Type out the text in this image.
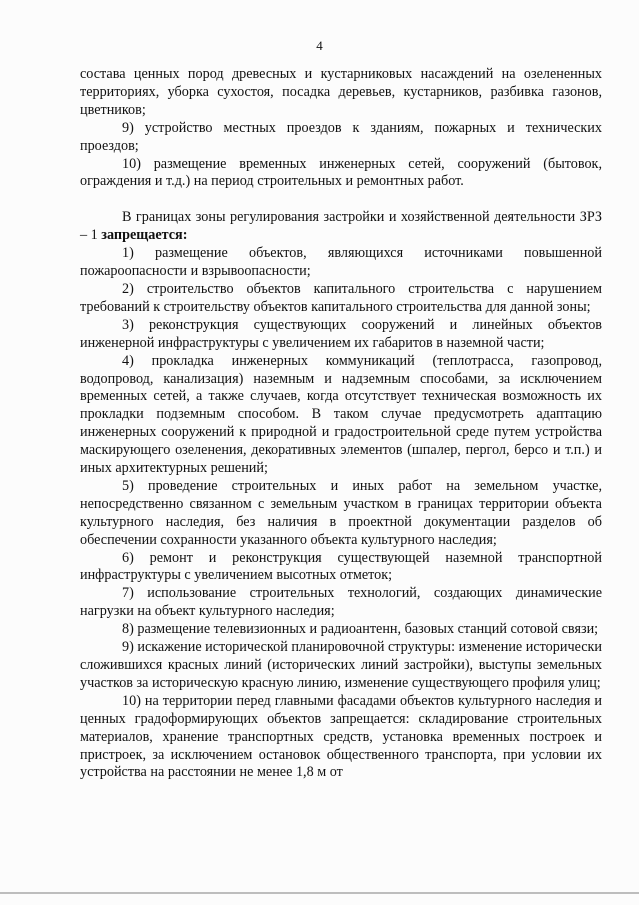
4

состава ценных пород древесных и кустарниковых насаждений на озелененных территориях, уборка сухостоя, посадка деревьев, кустарников, разбивка газонов, цветников;

9) устройство местных проездов к зданиям, пожарных и технических проездов;

10) размещение временных инженерных сетей, сооружений (бытовок, ограждения и т.д.) на период строительных и ремонтных работ.

В границах зоны регулирования застройки и хозяйственной деятельности ЗРЗ – 1 запрещается:

1) размещение объектов, являющихся источниками повышенной пожароопасности и взрывоопасности;

2) строительство объектов капитального строительства с нарушением требований к строительству объектов капитального строительства для данной зоны;

3) реконструкция существующих сооружений и линейных объектов инженерной инфраструктуры с увеличением их габаритов в наземной части;

4) прокладка инженерных коммуникаций (теплотрасса, газопровод, водопровод, канализация) наземным и надземным способами, за исключением временных сетей, а также случаев, когда отсутствует техническая возможность их прокладки подземным способом. В таком случае предусмотреть адаптацию инженерных сооружений к природной и градостроительной среде путем устройства маскирующего озеленения, декоративных элементов (шпалер, пергол, берсо и т.п.) и иных архитектурных решений;

5) проведение строительных и иных работ на земельном участке, непосредственно связанном с земельным участком в границах территории объекта культурного наследия, без наличия в проектной документации разделов об обеспечении сохранности указанного объекта культурного наследия;

6) ремонт и реконструкция существующей наземной транспортной инфраструктуры с увеличением высотных отметок;

7) использование строительных технологий, создающих динамические нагрузки на объект культурного наследия;

8) размещение телевизионных и радиоантенн, базовых станций сотовой связи;

9) искажение исторической планировочной структуры: изменение исторически сложившихся красных линий (исторических линий застройки), выступы земельных участков за историческую красную линию, изменение существующего профиля улиц;

10) на территории перед главными фасадами объектов культурного наследия и ценных градоформирующих объектов запрещается: складирование строительных материалов, хранение транспортных средств, установка временных построек и пристроек, за исключением остановок общественного транспорта, при условии их устройства на расстоянии не менее 1,8 м от
